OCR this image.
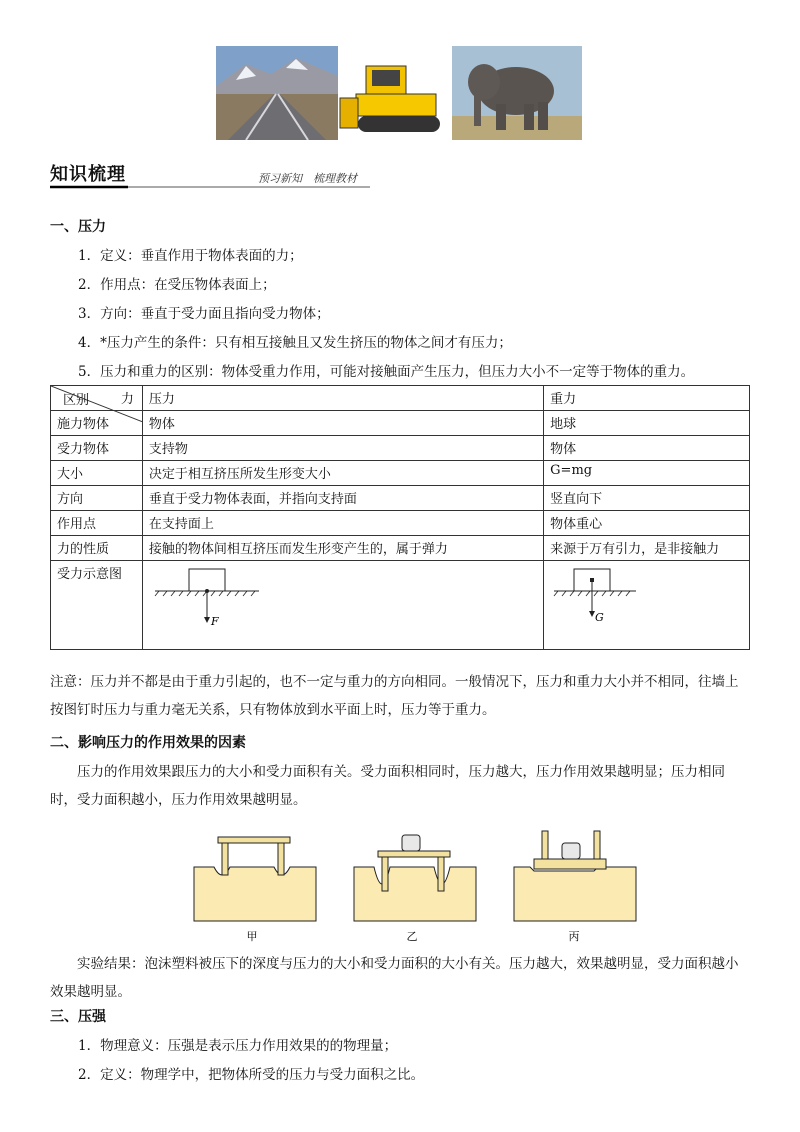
知识梳理	预习新知　梳理教材
一、压力
1．定义：垂直作用于物体表面的力；
2．作用点：在受压物体表面上；
3．方向：垂直于受力面且指向受力物体；
4．*压力产生的条件：只有相互接触且又发生挤压的物体之间才有压力；
5．压力和重力的区别：物体受重力作用，可能对接触面产生压力，但压力大小不一定等于物体的重力。
力
区别	压力	重力
施力物体	物体	地球
受力物体	支持物	物体
大小	决定于相互挤压所发生形变大小	G=mg
方向	垂直于受力物体表面，并指向支持面	竖直向下
作用点	在支持面上	物体重心
力的性质	接触的物体间相互挤压而发生形变产生的，属于弹力	来源于万有引力，是非接触力
受力示意图	F	G
注意：压力并不都是由于重力引起的，也不一定与重力的方向相同。一般情况下，压力和重力大小并不相同，往墙上按图钉时压力与重力毫无关系，只有物体放到水平面上时，压力等于重力。
二、影响压力的作用效果的因素
压力的作用效果跟压力的大小和受力面积有关。受力面积相同时，压力越大，压力作用效果越明显；压力相同时，受力面积越小，压力作用效果越明显。
甲	乙	丙
实验结果：泡沫塑料被压下的深度与压力的大小和受力面积的大小有关。压力越大，效果越明显，受力面积越小效果越明显。
三、压强
1．物理意义：压强是表示压力作用效果的的物理量；
2．定义：物理学中，把物体所受的压力与受力面积之比。
